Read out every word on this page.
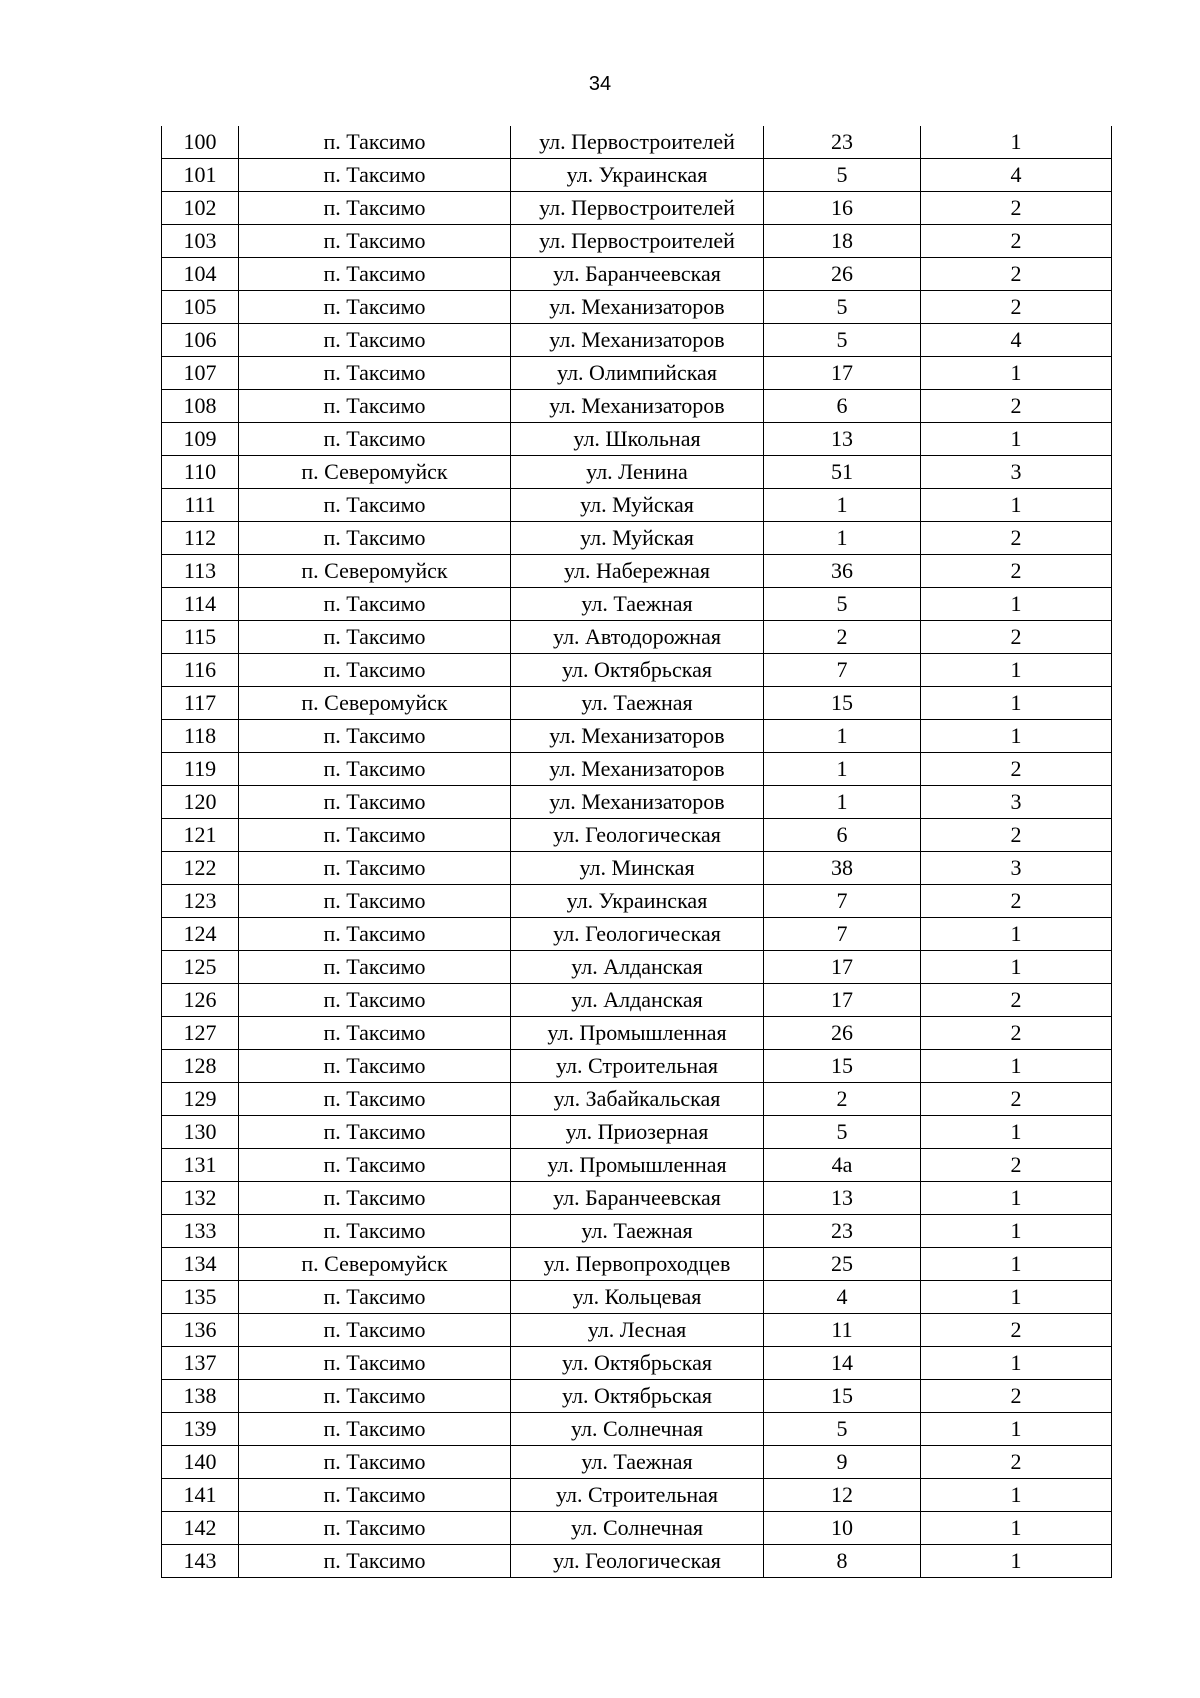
34
100	п. Таксимо	ул. Первостроителей	23	1
101	п. Таксимо	ул. Украинская	5	4
102	п. Таксимо	ул. Первостроителей	16	2
103	п. Таксимо	ул. Первостроителей	18	2
104	п. Таксимо	ул. Баранчеевская	26	2
105	п. Таксимо	ул. Механизаторов	5	2
106	п. Таксимо	ул. Механизаторов	5	4
107	п. Таксимо	ул. Олимпийская	17	1
108	п. Таксимо	ул. Механизаторов	6	2
109	п. Таксимо	ул. Школьная	13	1
110	п. Северомуйск	ул. Ленина	51	3
111	п. Таксимо	ул. Муйская	1	1
112	п. Таксимо	ул. Муйская	1	2
113	п. Северомуйск	ул. Набережная	36	2
114	п. Таксимо	ул. Таежная	5	1
115	п. Таксимо	ул. Автодорожная	2	2
116	п. Таксимо	ул. Октябрьская	7	1
117	п. Северомуйск	ул. Таежная	15	1
118	п. Таксимо	ул. Механизаторов	1	1
119	п. Таксимо	ул. Механизаторов	1	2
120	п. Таксимо	ул. Механизаторов	1	3
121	п. Таксимо	ул. Геологическая	6	2
122	п. Таксимо	ул. Минская	38	3
123	п. Таксимо	ул. Украинская	7	2
124	п. Таксимо	ул. Геологическая	7	1
125	п. Таксимо	ул. Алданская	17	1
126	п. Таксимо	ул. Алданская	17	2
127	п. Таксимо	ул. Промышленная	26	2
128	п. Таксимо	ул. Строительная	15	1
129	п. Таксимо	ул. Забайкальская	2	2
130	п. Таксимо	ул. Приозерная	5	1
131	п. Таксимо	ул. Промышленная	4а	2
132	п. Таксимо	ул. Баранчеевская	13	1
133	п. Таксимо	ул. Таежная	23	1
134	п. Северомуйск	ул. Первопроходцев	25	1
135	п. Таксимо	ул. Кольцевая	4	1
136	п. Таксимо	ул. Лесная	11	2
137	п. Таксимо	ул. Октябрьская	14	1
138	п. Таксимо	ул. Октябрьская	15	2
139	п. Таксимо	ул. Солнечная	5	1
140	п. Таксимо	ул. Таежная	9	2
141	п. Таксимо	ул. Строительная	12	1
142	п. Таксимо	ул. Солнечная	10	1
143	п. Таксимо	ул. Геологическая	8	1
